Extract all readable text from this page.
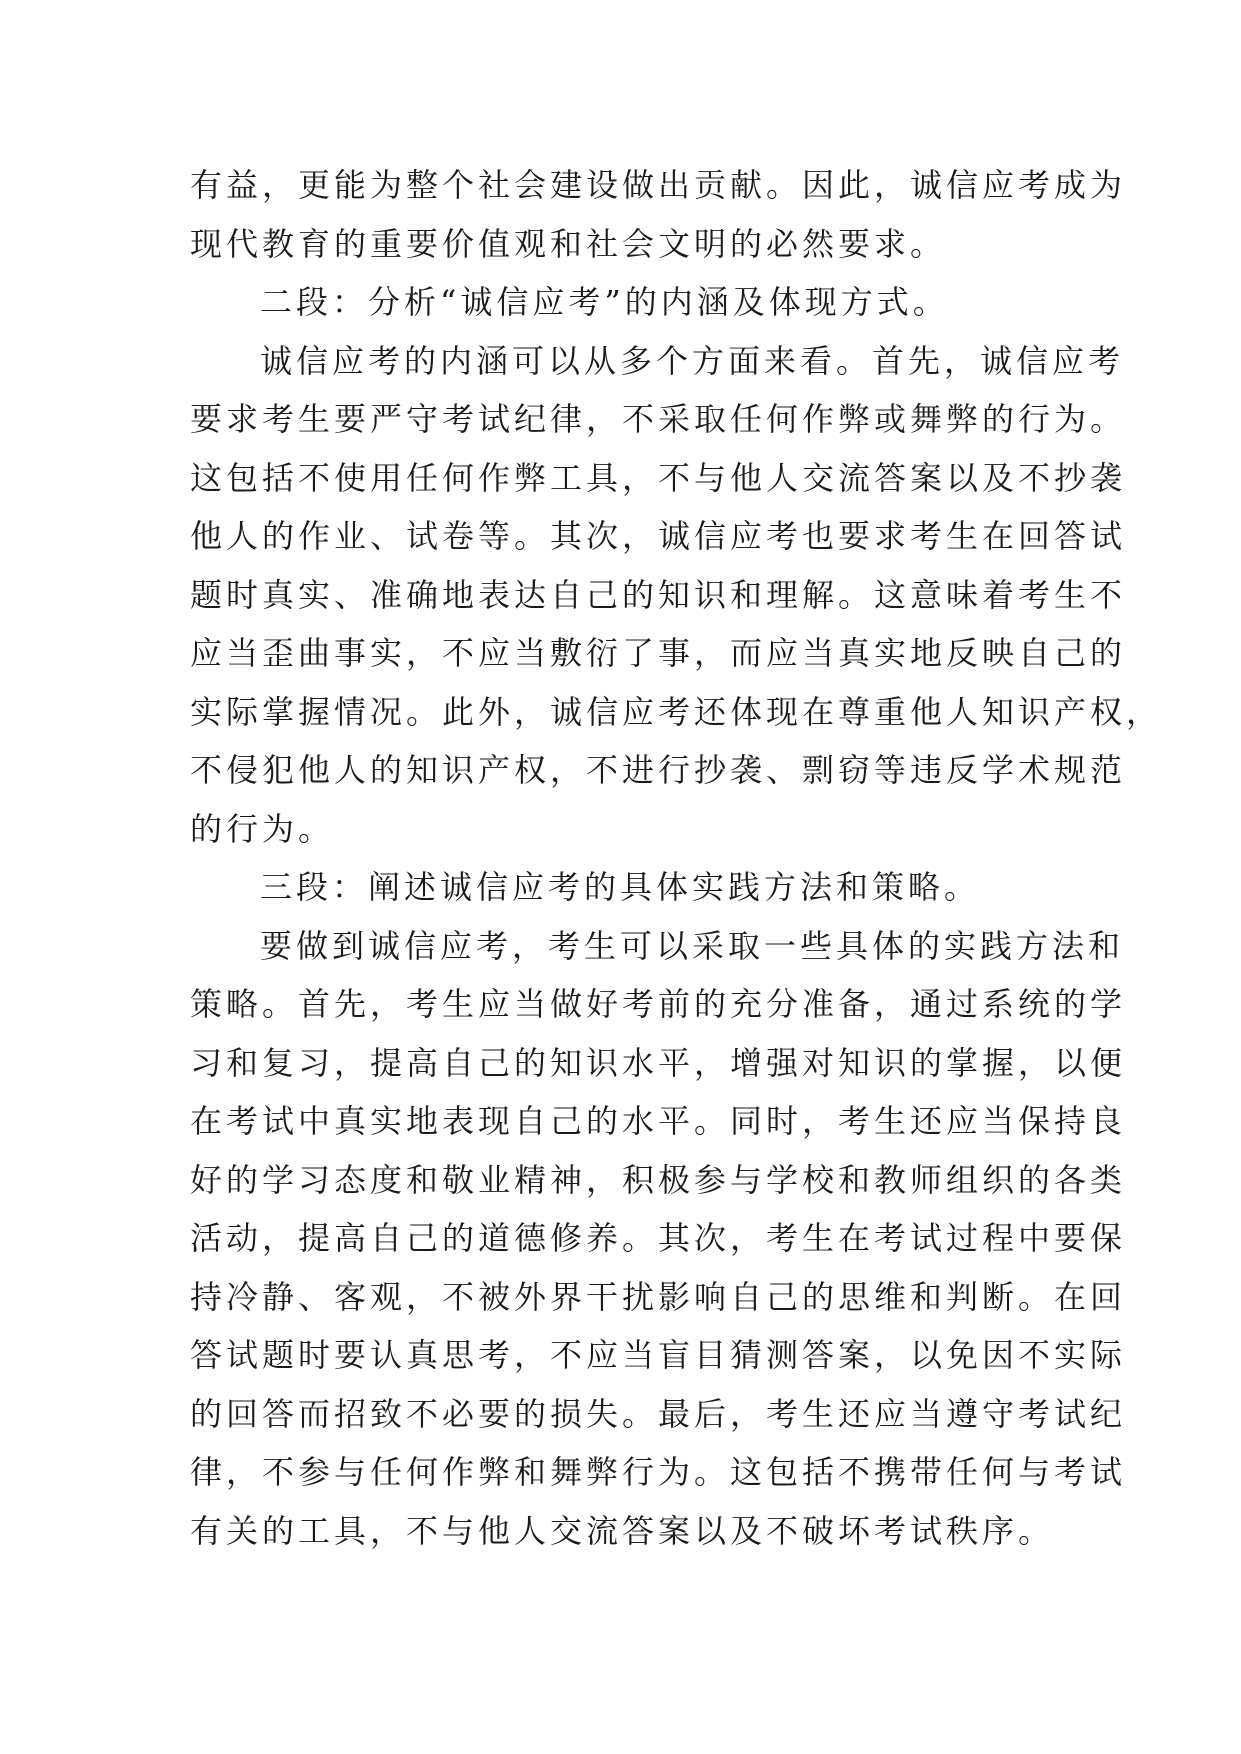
有益，更能为整个社会建设做出贡献。因此，诚信应考成为
现代教育的重要价值观和社会文明的必然要求。
二段：分析“诚信应考”的内涵及体现方式。
诚信应考的内涵可以从多个方面来看。首先，诚信应考
要求考生要严守考试纪律，不采取任何作弊或舞弊的行为。
这包括不使用任何作弊工具，不与他人交流答案以及不抄袭
他人的作业、试卷等。其次，诚信应考也要求考生在回答试
题时真实、准确地表达自己的知识和理解。这意味着考生不
应当歪曲事实，不应当敷衍了事，而应当真实地反映自己的
实际掌握情况。此外，诚信应考还体现在尊重他人知识产权，
不侵犯他人的知识产权，不进行抄袭、剽窃等违反学术规范
的行为。
三段：阐述诚信应考的具体实践方法和策略。
要做到诚信应考，考生可以采取一些具体的实践方法和
策略。首先，考生应当做好考前的充分准备，通过系统的学
习和复习，提高自己的知识水平，增强对知识的掌握，以便
在考试中真实地表现自己的水平。同时，考生还应当保持良
好的学习态度和敬业精神，积极参与学校和教师组织的各类
活动，提高自己的道德修养。其次，考生在考试过程中要保
持冷静、客观，不被外界干扰影响自己的思维和判断。在回
答试题时要认真思考，不应当盲目猜测答案，以免因不实际
的回答而招致不必要的损失。最后，考生还应当遵守考试纪
律，不参与任何作弊和舞弊行为。这包括不携带任何与考试
有关的工具，不与他人交流答案以及不破坏考试秩序。
